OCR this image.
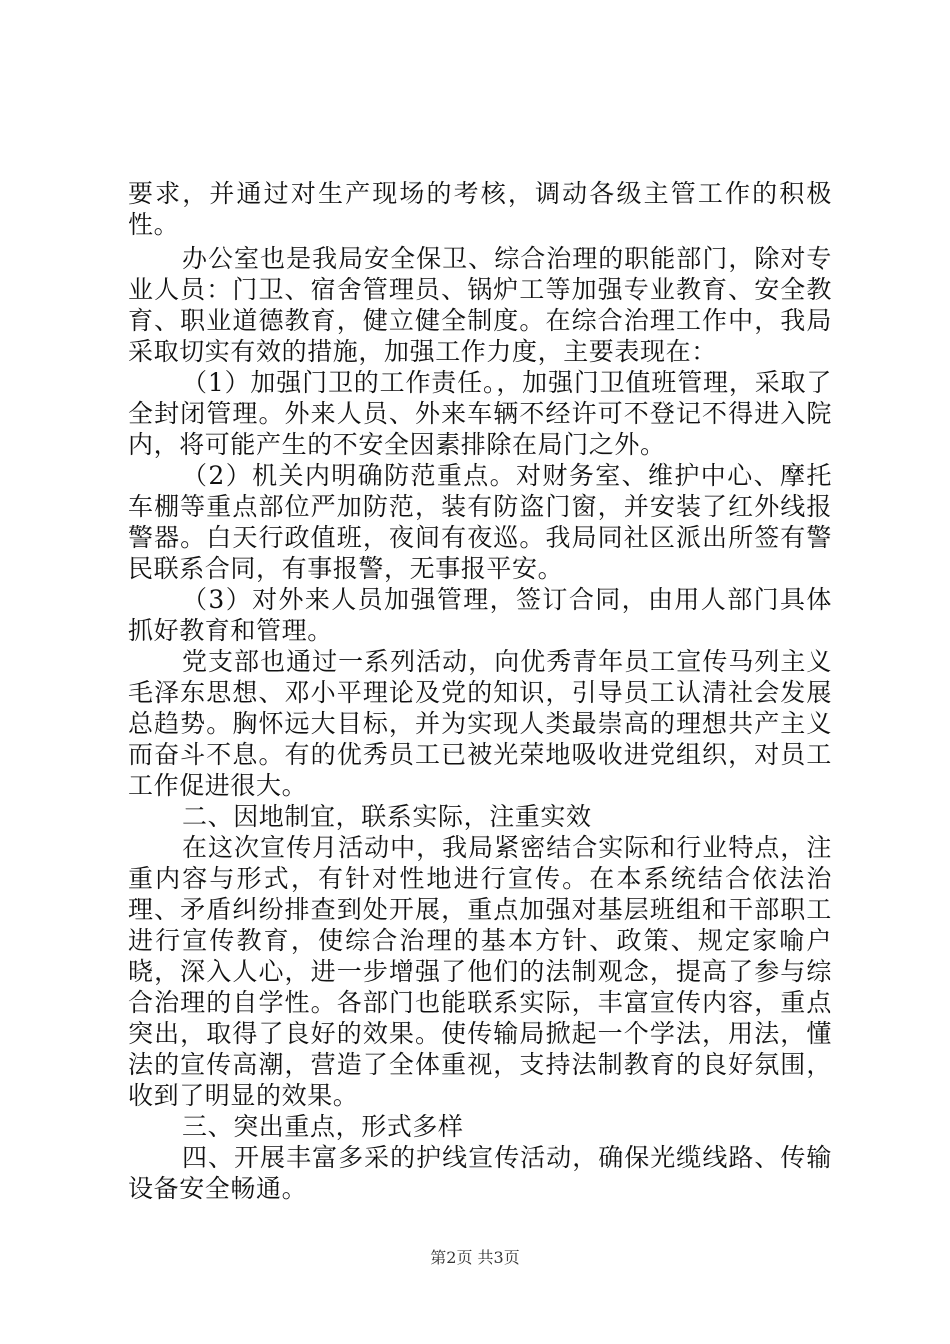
要求，并通过对生产现场的考核，调动各级主管工作的积极性。

办公室也是我局安全保卫、综合治理的职能部门，除对专业人员：门卫、宿舍管理员、锅炉工等加强专业教育、安全教育、职业道德教育，健立健全制度。在综合治理工作中，我局采取切实有效的措施，加强工作力度，主要表现在：

（1）加强门卫的工作责任。，加强门卫值班管理，采取了全封闭管理。外来人员、外来车辆不经许可不登记不得进入院内，将可能产生的不安全因素排除在局门之外。

（2）机关内明确防范重点。对财务室、维护中心、摩托车棚等重点部位严加防范，装有防盗门窗，并安装了红外线报警器。白天行政值班，夜间有夜巡。我局同社区派出所签有警民联系合同，有事报警，无事报平安。

（3）对外来人员加强管理，签订合同，由用人部门具体抓好教育和管理。

党支部也通过一系列活动，向优秀青年员工宣传马列主义毛泽东思想、邓小平理论及党的知识，引导员工认清社会发展总趋势。胸怀远大目标，并为实现人类最崇高的理想共产主义而奋斗不息。有的优秀员工已被光荣地吸收进党组织，对员工工作促进很大。

二、因地制宜，联系实际，注重实效

在这次宣传月活动中，我局紧密结合实际和行业特点，注重内容与形式，有针对性地进行宣传。在本系统结合依法治理、矛盾纠纷排查到处开展，重点加强对基层班组和干部职工进行宣传教育，使综合治理的基本方针、政策、规定家喻户晓，深入人心，进一步增强了他们的法制观念，提高了参与综合治理的自学性。各部门也能联系实际，丰富宣传内容，重点突出，取得了良好的效果。使传输局掀起一个学法，用法，懂法的宣传高潮，营造了全体重视，支持法制教育的良好氛围，收到了明显的效果。

三、突出重点，形式多样

四、开展丰富多采的护线宣传活动，确保光缆线路、传输设备安全畅通。

第2页 共3页
